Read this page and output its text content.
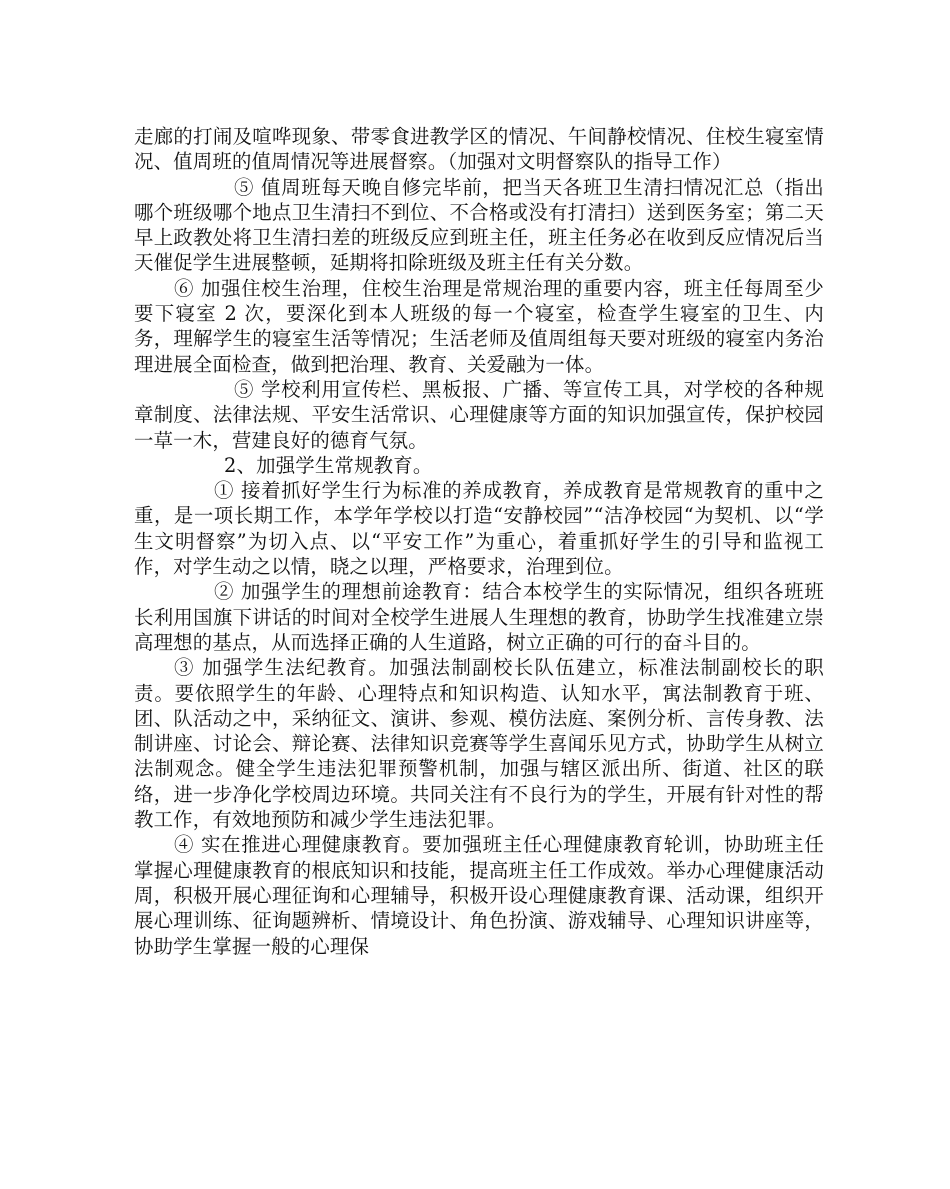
走廊的打闹及喧哗现象、带零食进教学区的情况、午间静校情况、住校生寝室情况、值周班的值周情况等进展督察。（加强对文明督察队的指导工作）

⑤ 值周班每天晚自修完毕前，把当天各班卫生清扫情况汇总（指出哪个班级哪个地点卫生清扫不到位、不合格或没有打清扫）送到医务室；第二天早上政教处将卫生清扫差的班级反应到班主任，班主任务必在收到反应情况后当天催促学生进展整顿，延期将扣除班级及班主任有关分数。

⑥ 加强住校生治理，住校生治理是常规治理的重要内容，班主任每周至少要下寝室 2 次，要深化到本人班级的每一个寝室，检查学生寝室的卫生、内务，理解学生的寝室生活等情况；生活老师及值周组每天要对班级的寝室内务治理进展全面检查，做到把治理、教育、关爱融为一体。

⑤ 学校利用宣传栏、黑板报、广播、等宣传工具，对学校的各种规章制度、法律法规、平安生活常识、心理健康等方面的知识加强宣传，保护校园一草一木，营建良好的德育气氛。

2、加强学生常规教育。

① 接着抓好学生行为标准的养成教育，养成教育是常规教育的重中之重，是一项长期工作，本学年学校以打造“安静校园”“洁净校园“为契机、以“学生文明督察”为切入点、以“平安工作”为重心，着重抓好学生的引导和监视工作，对学生动之以情，晓之以理，严格要求，治理到位。

② 加强学生的理想前途教育：结合本校学生的实际情况，组织各班班长利用国旗下讲话的时间对全校学生进展人生理想的教育，协助学生找准建立崇高理想的基点，从而选择正确的人生道路，树立正确的可行的奋斗目的。

③ 加强学生法纪教育。加强法制副校长队伍建立，标准法制副校长的职责。要依照学生的年龄、心理特点和知识构造、认知水平，寓法制教育于班、团、队活动之中，采纳征文、演讲、参观、模仿法庭、案例分析、言传身教、法制讲座、讨论会、辩论赛、法律知识竞赛等学生喜闻乐见方式，协助学生从树立法制观念。健全学生违法犯罪预警机制，加强与辖区派出所、街道、社区的联络，进一步净化学校周边环境。共同关注有不良行为的学生，开展有针对性的帮教工作，有效地预防和减少学生违法犯罪。

④ 实在推进心理健康教育。要加强班主任心理健康教育轮训，协助班主任掌握心理健康教育的根底知识和技能，提高班主任工作成效。举办心理健康活动周，积极开展心理征询和心理辅导，积极开设心理健康教育课、活动课，组织开展心理训练、征询题辨析、情境设计、角色扮演、游戏辅导、心理知识讲座等，协助学生掌握一般的心理保
